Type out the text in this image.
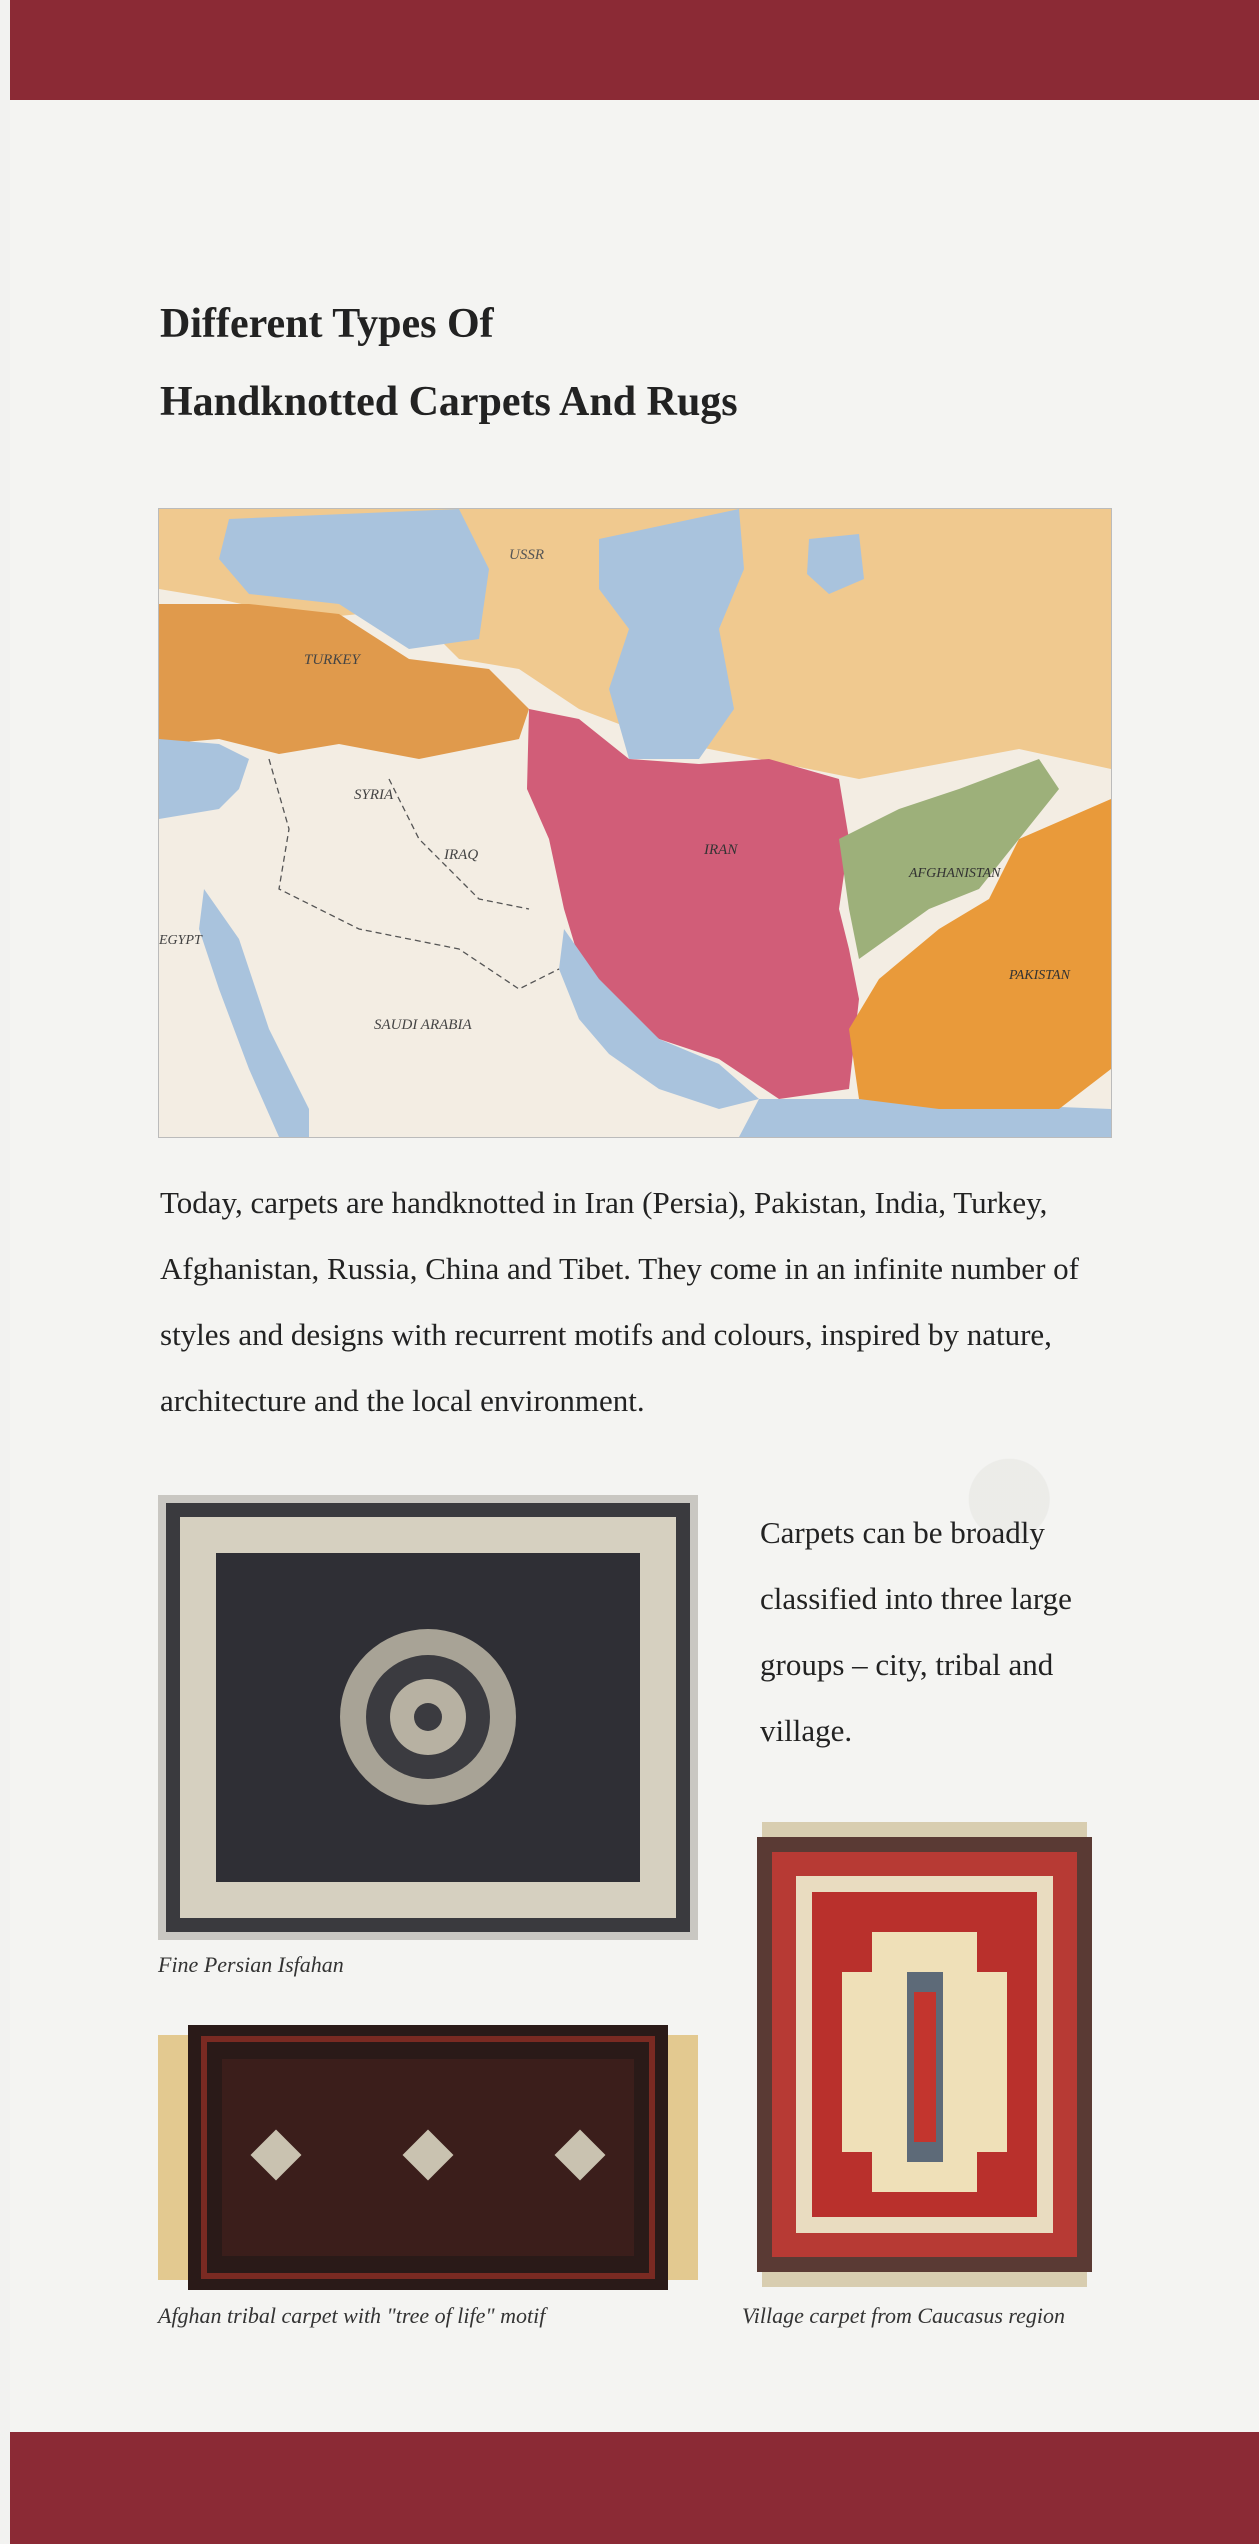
Different Types Of
Handknotted Carpets And Rugs
USSR
TURKEY
SYRIA
IRAQ	IRAN
AFGHANISTAN
PAKISTAN
SAUDI ARABIA
EGYPT

Today, carpets are handknotted in Iran (Persia), Pakistan, India, Turkey, Afghanistan, Russia, China and Tibet. They come in an infinite number of styles and designs with recurrent motifs and colours, inspired by nature, architecture and the local environment.

Carpets can be broadly classified into three large groups – city, tribal and village.

Fine Persian Isfahan
Afghan tribal carpet with "tree of life" motif	Village carpet from Caucasus region
